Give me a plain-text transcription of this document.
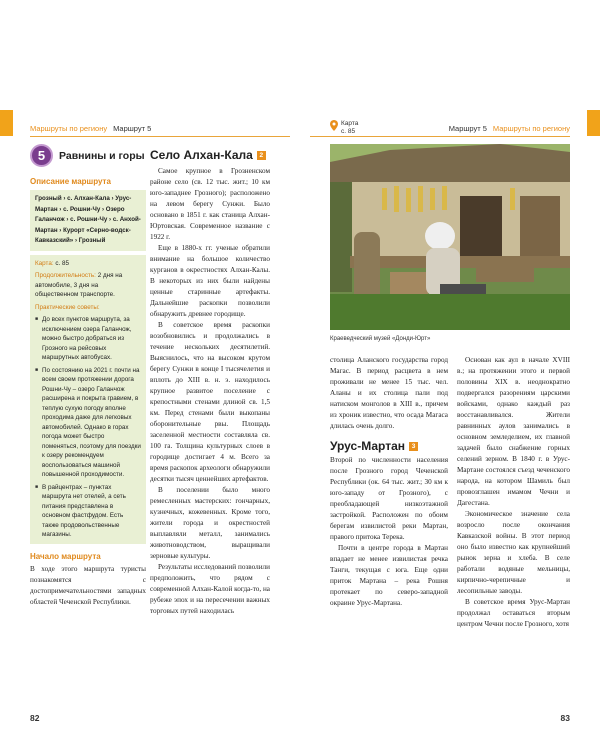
Маршруты по региону Маршрут 5
5	Равнины и горы
Описание маршрута
Грозный › с. Алхан-Кала › Урус-Мартан › с. Рошни-Чу › Озеро Галанчож › с. Рошни-Чу › с. Анхой-Мартан › Курорт «Серно-водск-Кавказский» › Грозный

Карта: с. 85

Продолжительность: 2 дня на автомобиле, 3 дня на общественном транспорте.

Практические советы:
■ До всех пунктов маршрута, за исключением озера Галанчож, можно быстро добраться из Грозного на рейсовых маршрутных автобусах.
■ По состоянию на 2021 г. почти на всем своем протяжении дорога Рошни-Чу – озеро Галанчож расширена и покрыта гравием, в теплую сухую погоду вполне проходима даже для легковых автомобилей. Однако в горах погода может быстро поменяться, поэтому для поездки к озеру рекомендуем воспользоваться машиной повышенной проходимости.
■ В райцентрах – пунктах маршрута нет отелей, а сеть питания представлена в основном фастфудом. Есть также продовольственные магазины.
Начало маршрута
В ходе этого маршрута туристы познакомятся с достопримечательностями западных областей Чеченской Республики.
Село Алхан-Кала	2

Самое крупное в Грозненском районе село (св. 12 тыс. жит.; 10 км юго-западнее Грозного); расположено на левом берегу Сунжи. Было основано в 1851 г. как станица Алхан-Юртовская. Современное название с 1922 г.

Еще в 1880-х гг. ученые обратили внимание на большое количество курганов в окрестностях Алхан-Калы. В некоторых из них были найдены ценные старинные артефакты. Дальнейшие раскопки позволили обнаружить древнее городище.

В советское время раскопки возобновились и продолжались в течение нескольких десятилетий. Выяснилось, что на высоком крутом берегу Сунжи в конце I тысячелетия и вплоть до XIII в. н. э. находилось крупное развитое поселение с крепостными стенами длиной св. 1,5 км. Перед стенами были выкопаны оборонительные рвы. Площадь заселенной местности составляла св. 100 га. Толщина культурных слоев в городище достигает 4 м. Всего за время раскопок археологи обнаружили десятки тысяч ценнейших артефактов.

В поселении было много ремесленных мастерских: гончарных, кузнечных, кожевенных. Кроме того, жители города и окрестностей выплавляли металл, занимались животноводством, выращивали зерновые культуры.

Результаты исследований позволили предположить, что рядом с современной Алхан-Калой когда-то, на рубеже эпох и на пересечении важных торговых путей находилась

82
Карта
с. 85	Маршрут 5 Маршруты по региону
Краеведческий музей «Донди-Юрт»

столица Аланского государства город Магас. В период расцвета в нем проживали не менее 15 тыс. чел. Аланы и их столица пали под натиском монголов в XIII в., причем из хроник известно, что осада Магаса длилась очень долго.

Урус-Мартан	3

Второй по численности населения после Грозного город Чеченской Республики (ок. 64 тыс. жит.; 30 км к юго-западу от Грозного), с преобладающей низкоэтажной застройкой. Расположен по обоим берегам извилистой реки Мартан, правого притока Терека.

Почти в центре города в Мартан впадает не менее извилистая речка Танги, текущая с юга. Еще одни приток Мартана – река Рошня протекает по северо-западной окраине Урус-Мартана.

Основан как аул в начале XVIII в.; на протяжении этого и первой половины XIX в. неоднократно подвергался разорениям царскими войсками, однако каждый раз восстанавливался. Жители равнинных аулов занимались в основном земледелием, их главной задачей было снабжение горных селений зерном. В 1840 г. в Урус-Мартане состоялся съезд чеченского народа, на котором Шамиль был провозглашен имамом Чечни и Дагестана.

Экономическое значение села возросло после окончания Кавказской войны. В этот период оно было известно как крупнейший рынок зерна и хлеба. В селе работали водяные мельницы, кирпично-черепичные и лесопильные заводы.

В советское время Урус-Мартан продолжал оставаться вторым центром Чечни после Грозного, хотя

83
